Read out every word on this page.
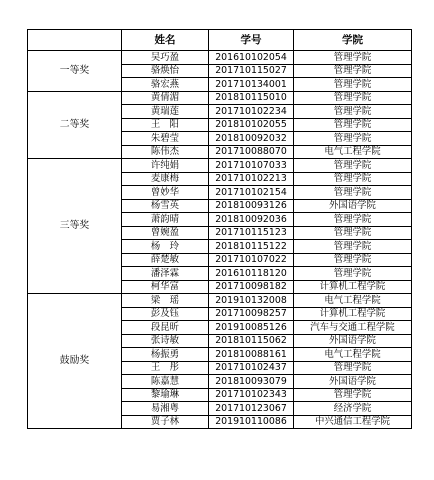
	姓名	学号	学院
一等奖	吴巧盈	201610102054	管理学院
	骆焕怡	201710115027	管理学院
	骆宏燕	201710134001	管理学院
二等奖	黄倩湄	201810115010	管理学院
	黄瑞莲	201710102234	管理学院
	王　阳	201810102055	管理学院
	朱碧莹	201810092032	管理学院
	陈伟杰	201710088070	电气工程学院
三等奖	许纯娟	201710107033	管理学院
	麦康梅	201710102213	管理学院
	曾妙华	201710102154	管理学院
	杨雪英	201810093126	外国语学院
	萧韵晴	201810092036	管理学院
	曾婉盈	201710115123	管理学院
	杨　玲	201810115122	管理学院
	薛楚敏	201710107022	管理学院
	潘泽霖	201610118120	管理学院
	柯华富	201710098182	计算机工程学院
鼓励奖	梁　瑶	201910132008	电气工程学院
	彭及钰	201710098257	计算机工程学院
	段昆昕	201910085126	汽车与交通工程学院
	张诗敏	201810115062	外国语学院
	杨振勇	201810088161	电气工程学院
	王　彤	201710102437	管理学院
	陈嘉慧	201810093079	外国语学院
	黎瑜琳	201710102343	管理学院
	易湘粤	201710123067	经济学院
	贾子林	201910110086	中兴通信工程学院
